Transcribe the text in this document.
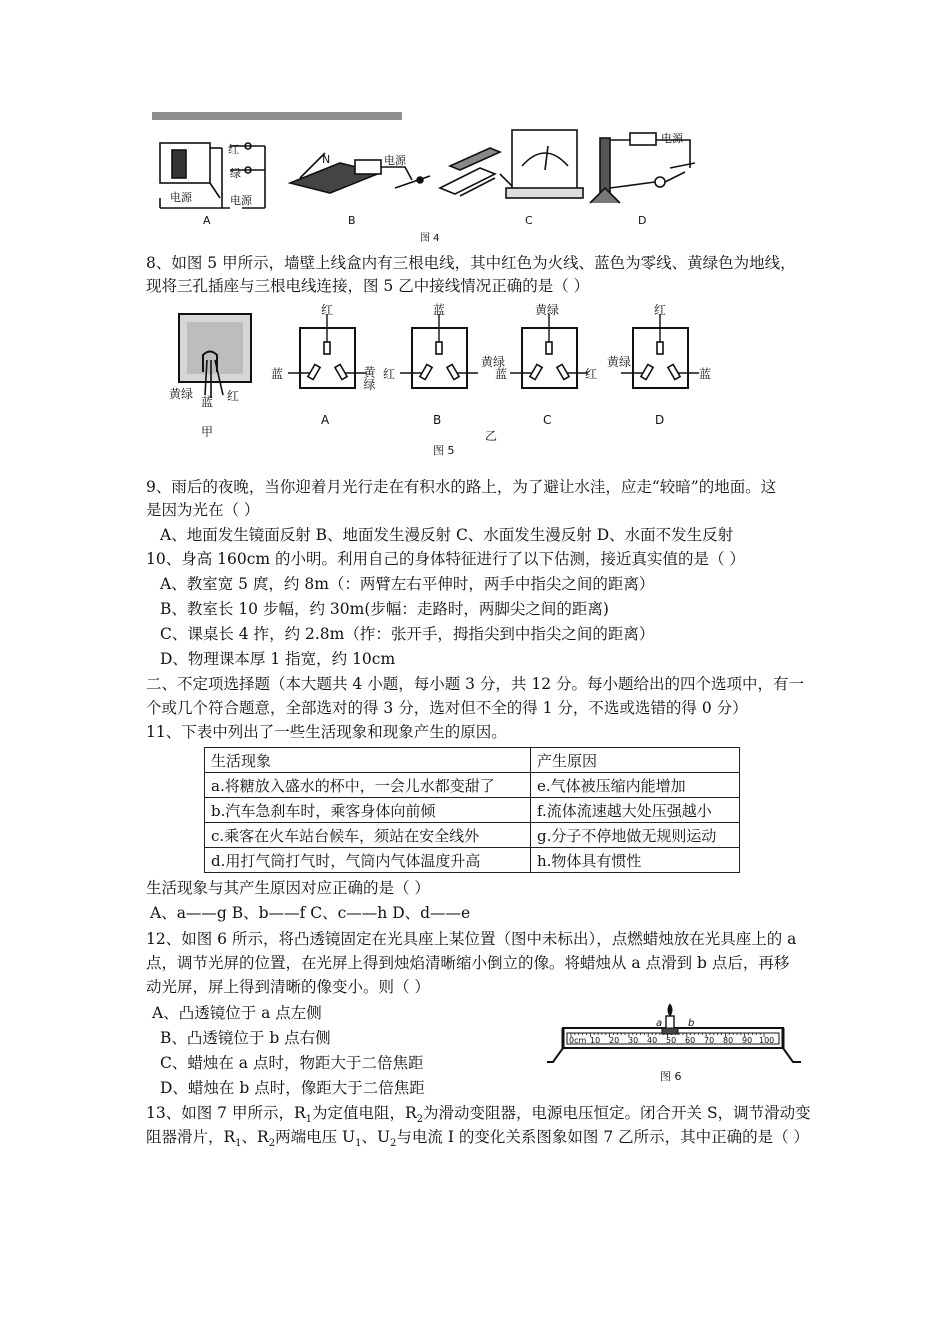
红
绿
电源	电源
A
N	电源
B	C
电源
D
图 4
8、如图 5 甲所示，墙壁上线盒内有三根电线，其中红色为火线、蓝色为零线、黄绿色为地线，
现将三孔插座与三根电线连接，图 5 乙中接线情况正确的是（ ）
黄绿
蓝 红
甲
红
蓝	黄绿
A
蓝
红
黄绿
B
黄绿
蓝	红
C
乙
红
黄绿
蓝
D
图 5
9、雨后的夜晚，当你迎着月光行走在有积水的路上，为了避让水洼，应走“较暗”的地面。这
是因为光在（ ）
A、地面发生镜面反射 B、地面发生漫反射 C、水面发生漫反射 D、水面不发生反射
10、身高 160cm 的小明。利用自己的身体特征进行了以下估测，接近真实值的是（ ）
A、教室宽 5 庹，约 8m（：两臂左右平伸时，两手中指尖之间的距离）
B、教室长 10 步幅，约 30m(步幅：走路时，两脚尖之间的距离)
C、课桌长 4 拃，约 2.8m（拃：张开手，拇指尖到中指尖之间的距离）
D、物理课本厚 1 指宽，约 10cm
二、不定项选择题（本大题共 4 小题，每小题 3 分，共 12 分。每小题给出的四个选项中，有一
个或几个符合题意，全部选对的得 3 分，选对但不全的得 1 分，不选或选错的得 0 分）
11、下表中列出了一些生活现象和现象产生的原因。
生活现象	产生原因
a.将糖放入盛水的杯中，一会儿水都变甜了	e.气体被压缩内能增加
b.汽车急刹车时，乘客身体向前倾	f.流体流速越大处压强越小
c.乘客在火车站台候车，须站在安全线外	g.分子不停地做无规则运动
d.用打气筒打气时，气筒内气体温度升高	h.物体具有惯性
生活现象与其产生原因对应正确的是（ ）
A、a——g B、b——f C、c——h D、d——e
12、如图 6 所示，将凸透镜固定在光具座上某位置（图中未标出），点燃蜡烛放在光具座上的 a
点，调节光屏的位置，在光屏上得到烛焰清晰缩小倒立的像。将蜡烛从 a 点滑到 b 点后，再移
动光屏，屏上得到清晰的像变小。则（ ）
A、凸透镜位于 a 点左侧
B、凸透镜位于 b 点右侧
C、蜡烛在 a 点时，物距大于二倍焦距
D、蜡烛在 b 点时，像距大于二倍焦距
a	b
0cm 10 20 30 40 50 60 70 80 90 100
图 6
13、如图 7 甲所示，$R_1$为定值电阻，$R_2$为滑动变阻器，电源电压恒定。闭合开关 S，调节滑动变
阻器滑片，$R_1$、$R_2$两端电压 $U_1$、$U_2$与电流 I 的变化关系图象如图 7 乙所示，其中正确的是（ ）
